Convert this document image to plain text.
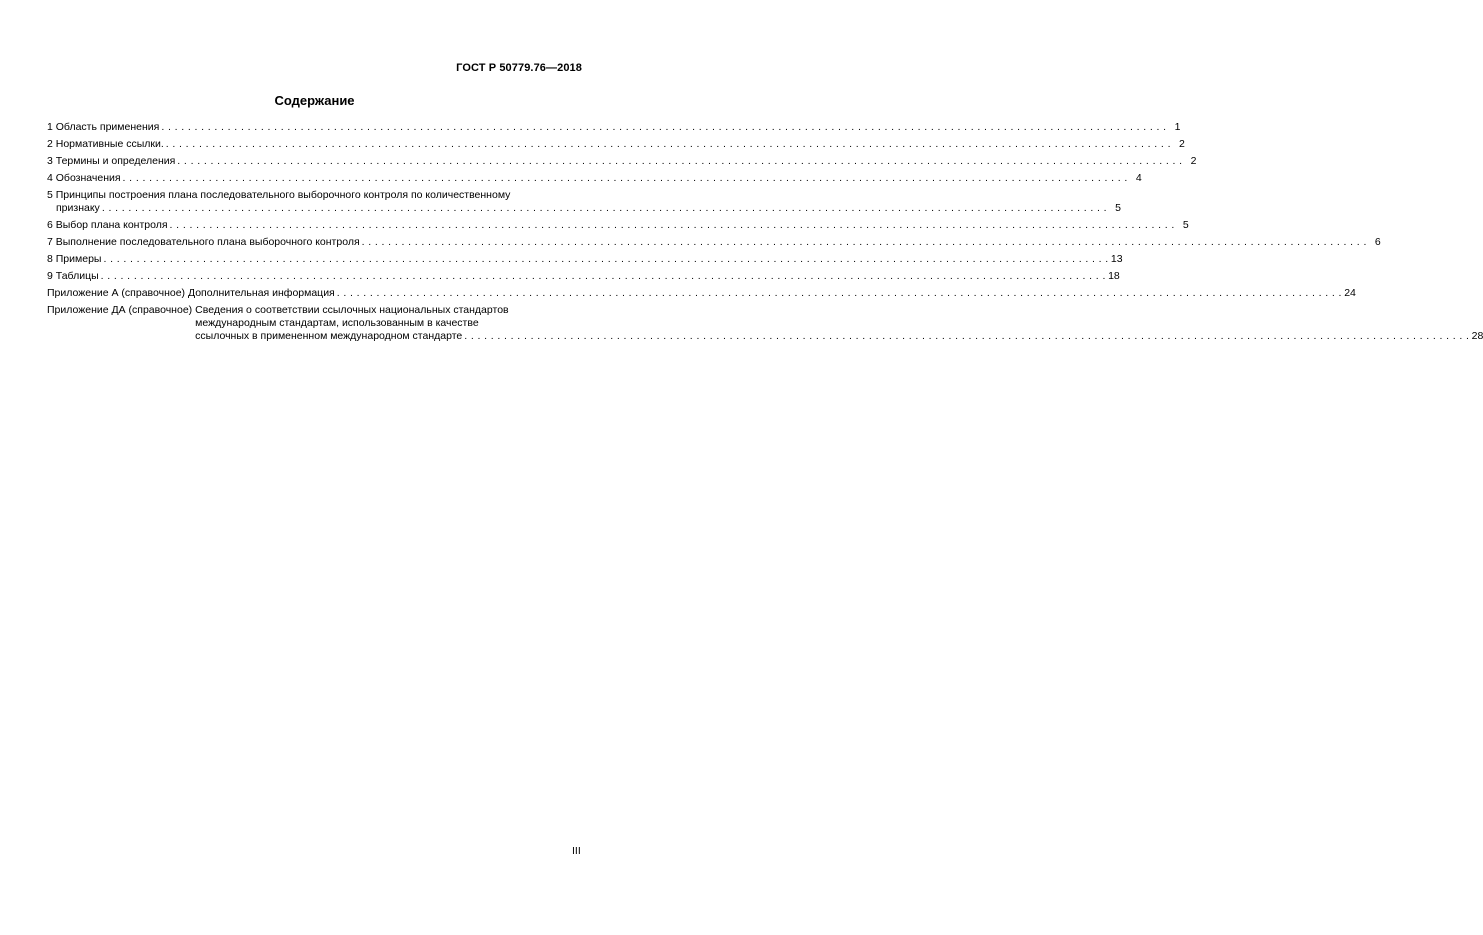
ГОСТ Р 50779.76—2018
Содержание
1 Область применения . . .	1
2 Нормативные ссылки. . . .	2
3 Термины и определения . . .	2
4 Обозначения . . .	4
5 Принципы построения плана последовательного выборочного контроля по количественному
признаку . . .	5
6 Выбор плана контроля . . .	5
7 Выполнение последовательного плана выборочного контроля . . .	6
8 Примеры . . .	13
9 Таблицы . . .	18
Приложение А (справочное) Дополнительная информация . . .	24
Приложение ДА (справочное) Сведения о соответствии ссылочных национальных стандартов
международным стандартам, использованным в качестве
ссылочных в примененном международном стандарте . . .	28
III
